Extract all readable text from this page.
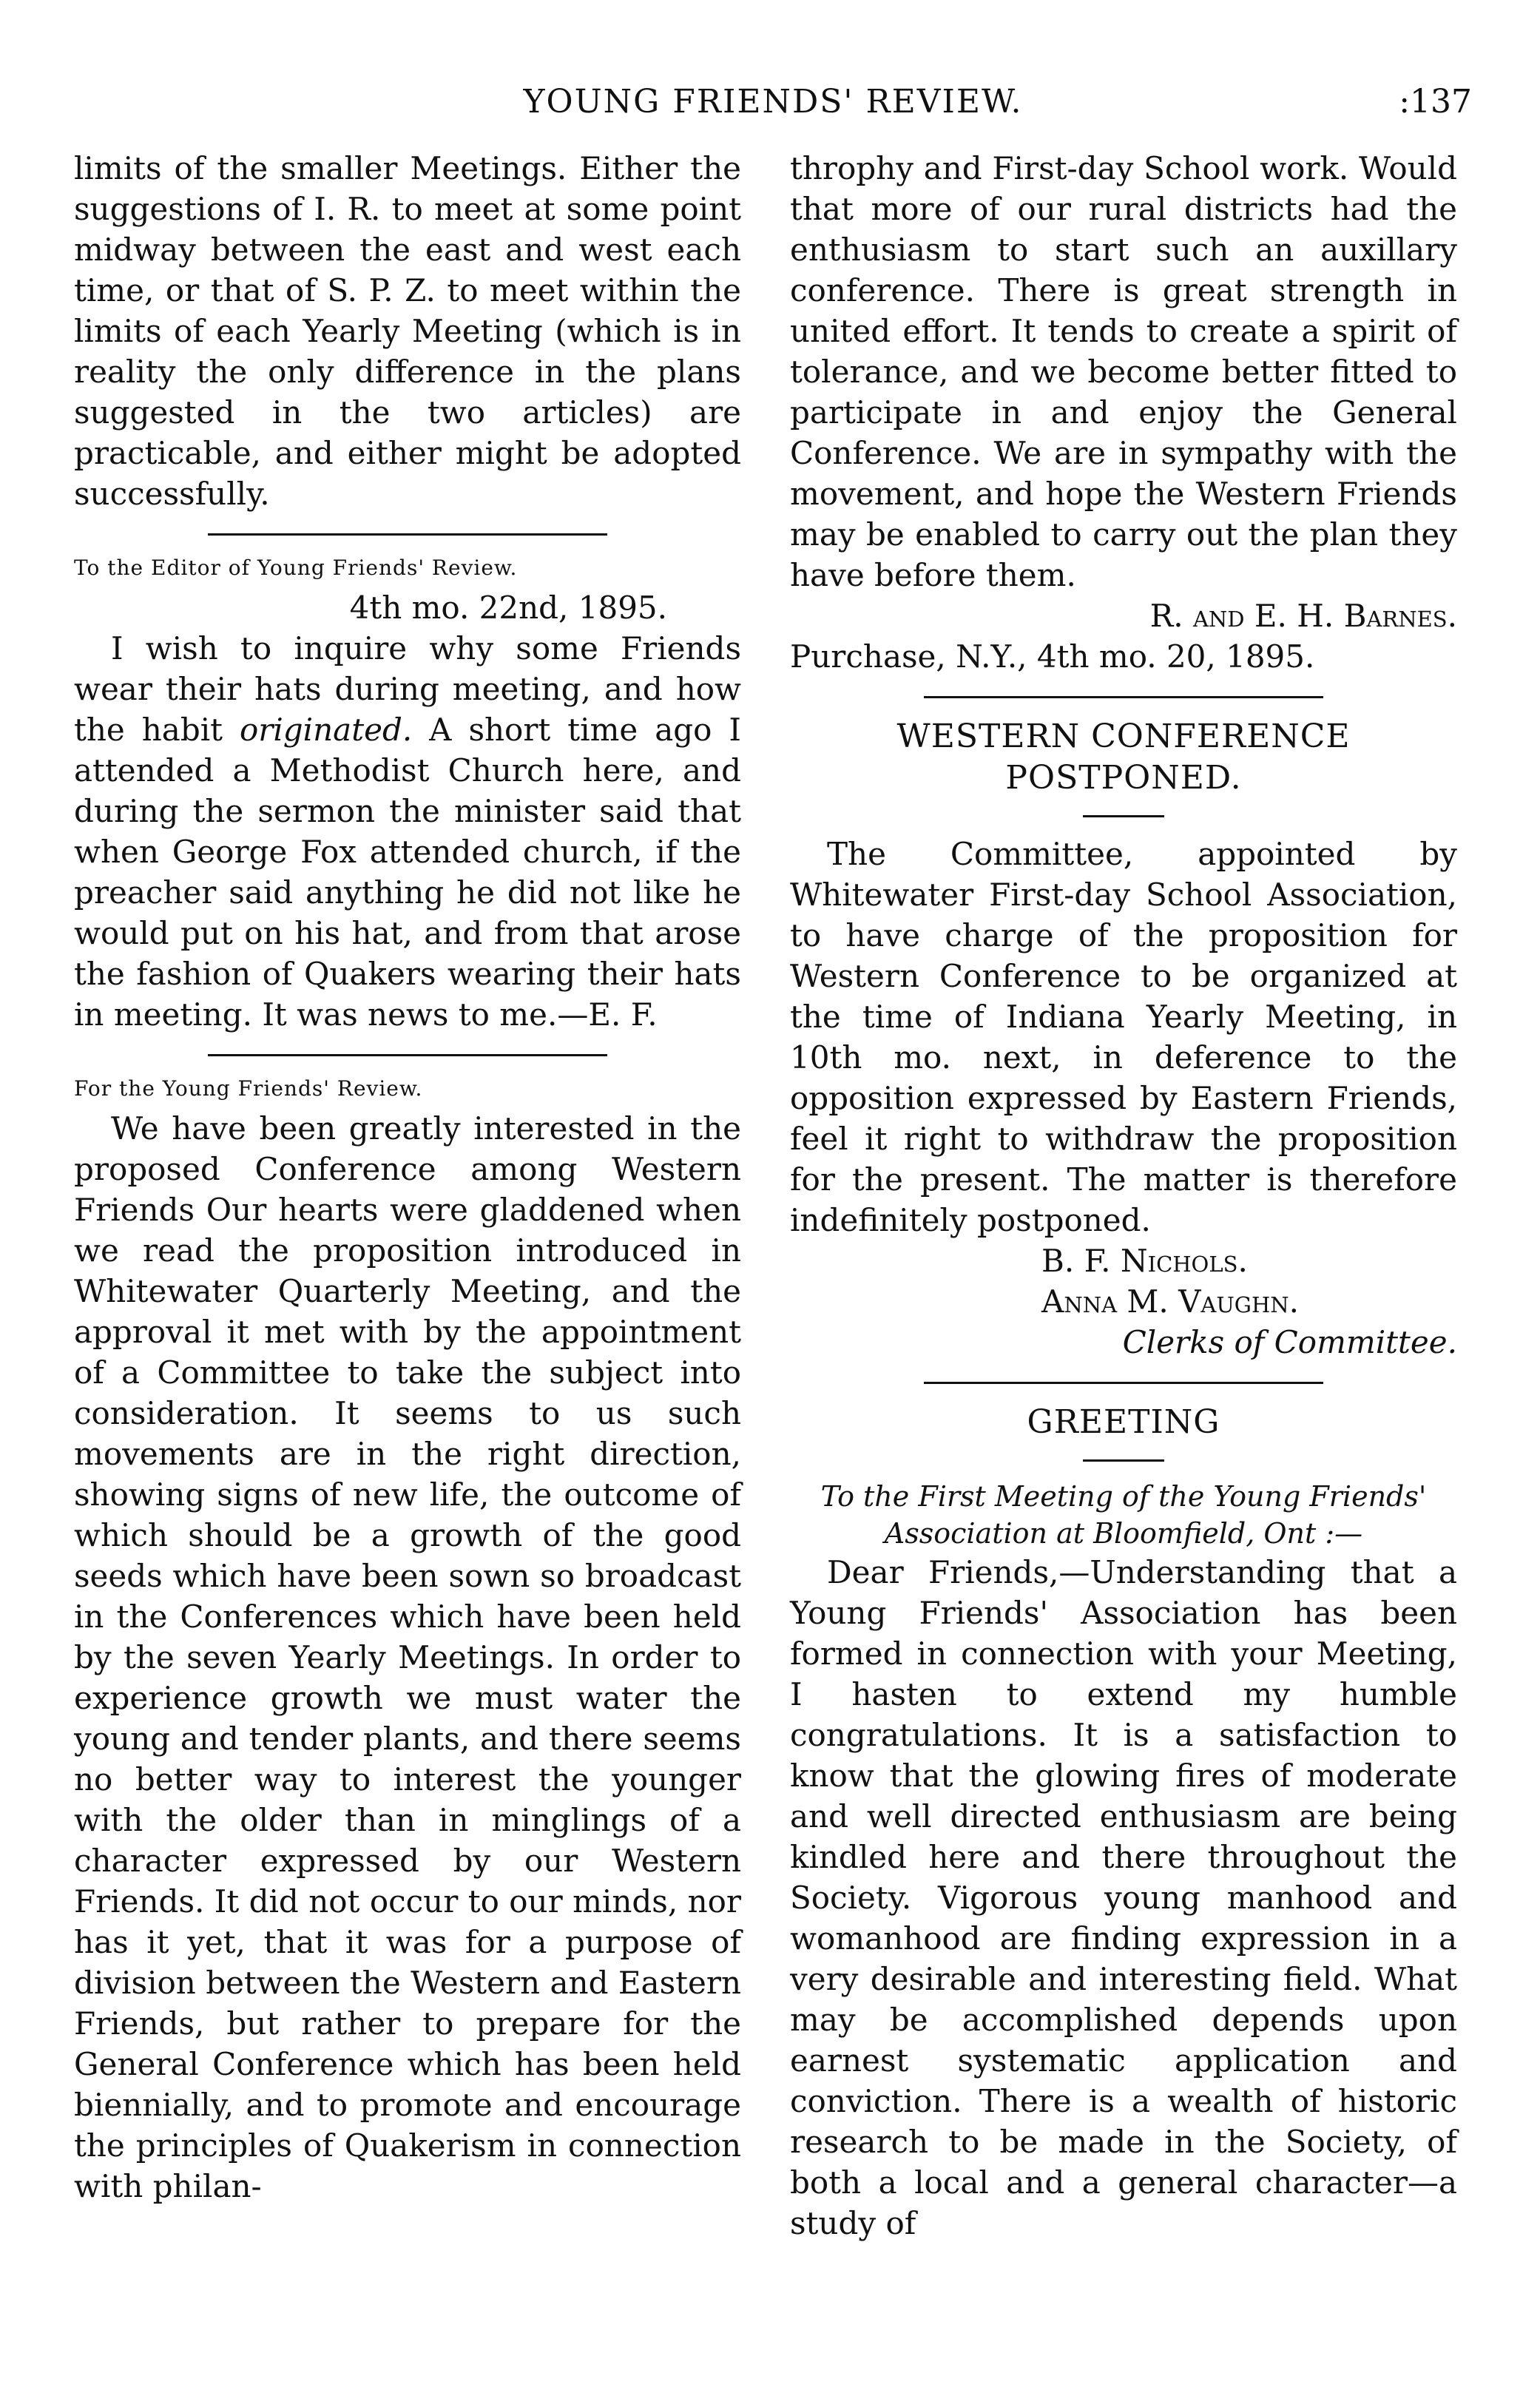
YOUNG FRIENDS' REVIEW.	:137

limits of the smaller Meetings. Either the suggestions of I. R. to meet at some point midway between the east and west each time, or that of S. P. Z. to meet within the limits of each Yearly Meeting (which is in reality the only difference in the plans suggested in the two articles) are practicable, and either might be adopted successfully.

To the Editor of Young Friends' Review.

4th mo. 22nd, 1895.

I wish to inquire why some Friends wear their hats during meeting, and how the habit originated. A short time ago I attended a Methodist Church here, and during the sermon the minister said that when George Fox attended church, if the preacher said anything he did not like he would put on his hat, and from that arose the fashion of Quakers wearing their hats in meeting. It was news to me.—E. F.

For the Young Friends' Review.

We have been greatly interested in the proposed Conference among Western Friends Our hearts were gladdened when we read the proposition introduced in Whitewater Quarterly Meeting, and the approval it met with by the appointment of a Committee to take the subject into consideration. It seems to us such movements are in the right direction, showing signs of new life, the outcome of which should be a growth of the good seeds which have been sown so broadcast in the Conferences which have been held by the seven Yearly Meetings. In order to experience growth we must water the young and tender plants, and there seems no better way to interest the younger with the older than in minglings of a character expressed by our Western Friends. It did not occur to our minds, nor has it yet, that it was for a purpose of division between the Western and Eastern Friends, but rather to prepare for the General Conference which has been held biennially, and to promote and encourage the principles of Quakerism in connection with philan-

throphy and First-day School work. Would that more of our rural districts had the enthusiasm to start such an auxillary conference. There is great strength in united effort. It tends to create a spirit of tolerance, and we become better fitted to participate in and enjoy the General Conference. We are in sympathy with the movement, and hope the Western Friends may be enabled to carry out the plan they have before them.

R. and E. H. Barnes.

Purchase, N.Y., 4th mo. 20, 1895.

WESTERN CONFERENCE POSTPONED.

The Committee, appointed by Whitewater First-day School Association, to have charge of the proposition for Western Conference to be organized at the time of Indiana Yearly Meeting, in 10th mo. next, in deference to the opposition expressed by Eastern Friends, feel it right to withdraw the proposition for the present. The matter is therefore indefinitely postponed.

B. F. Nichols.

Anna M. Vaughn.

Clerks of Committee.

GREETING

To the First Meeting of the Young Friends' Association at Bloomfield, Ont :—

Dear Friends,—Understanding that a Young Friends' Association has been formed in connection with your Meeting, I hasten to extend my humble congratulations. It is a satisfaction to know that the glowing fires of moderate and well directed enthusiasm are being kindled here and there throughout the Society. Vigorous young manhood and womanhood are finding expression in a very desirable and interesting field. What may be accomplished depends upon earnest systematic application and conviction. There is a wealth of historic research to be made in the Society, of both a local and a general character—a study of
